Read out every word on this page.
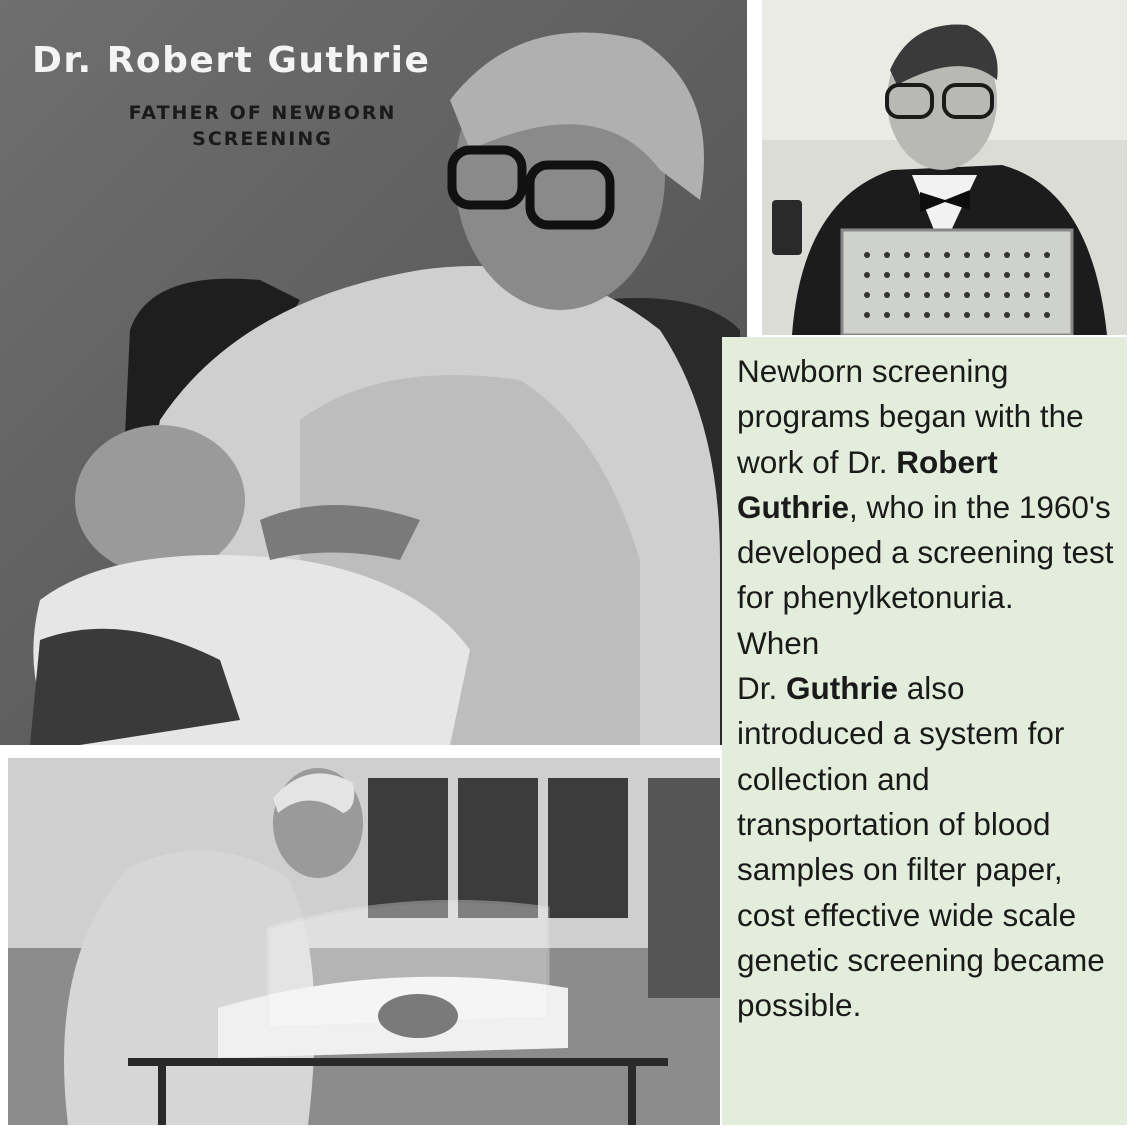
Dr. Robert Guthrie
FATHER OF NEWBORN
SCREENING
Newborn screening programs began with the work of Dr. Robert Guthrie, who in the 1960's developed a screening test for phenylketonuria.
When
Dr. Guthrie also introduced a system for collection and transportation of blood samples on filter paper, cost effective wide scale genetic screening became possible.
